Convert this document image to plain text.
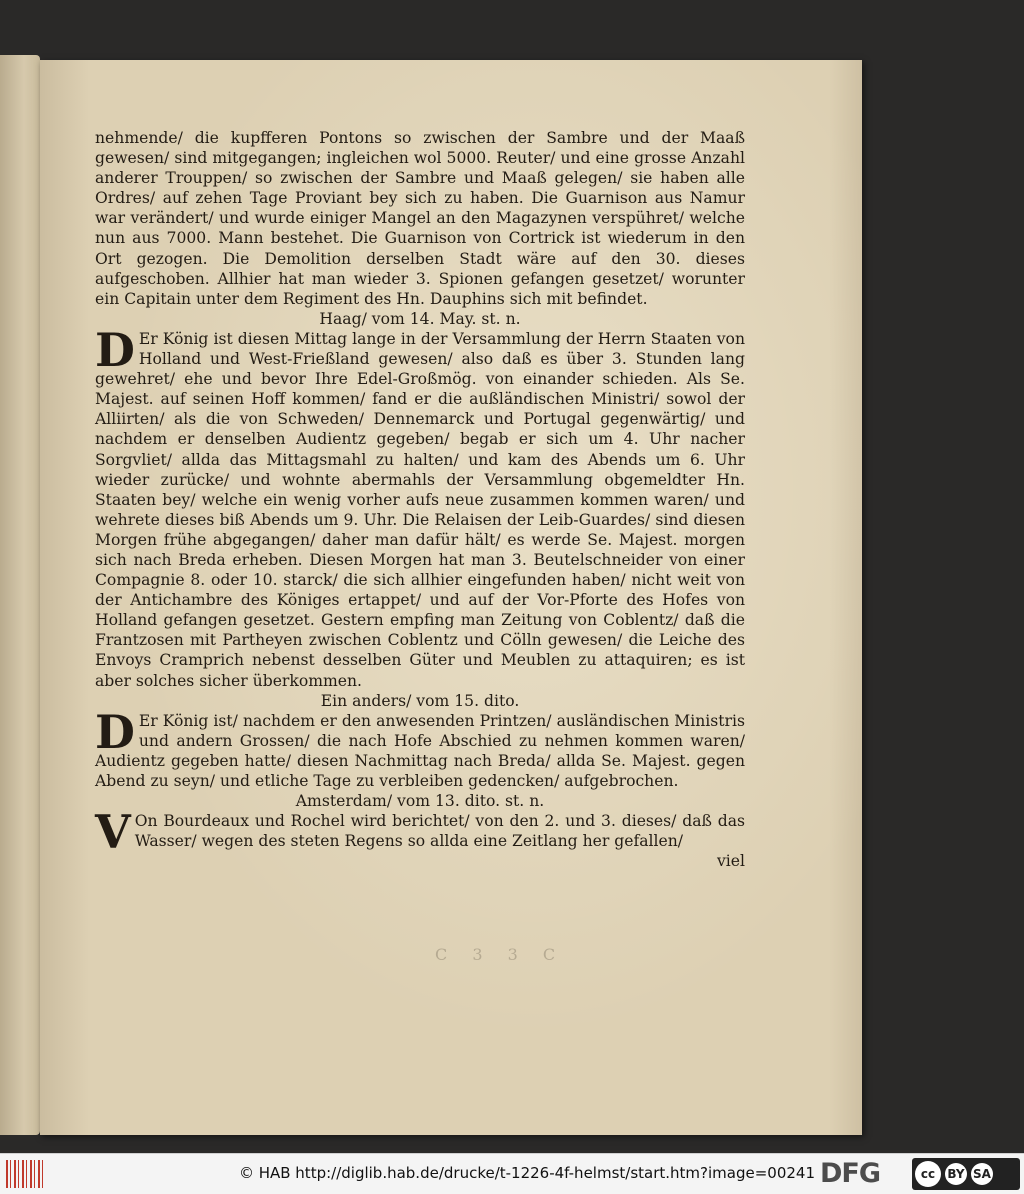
nehmende/ die kupfferen Pontons so zwischen der Sambre und der Maaß gewesen/ sind mitgegangen; ingleichen wol 5000. Reuter/ und eine grosse Anzahl anderer Trouppen/ so zwischen der Sambre und Maaß gelegen/ sie haben alle Ordres/ auf zehen Tage Proviant bey sich zu haben. Die Guarnison aus Namur war verändert/ und wurde einiger Mangel an den Magazynen verspühret/ welche nun aus 7000. Mann bestehet. Die Guarnison von Cortrick ist wiederum in den Ort gezogen. Die Demolition derselben Stadt wäre auf den 30. dieses aufgeschoben. Allhier hat man wieder 3. Spionen gefangen gesetzet/ worunter ein Capitain unter dem Regiment des Hn. Dauphins sich mit befindet.

Haag/ vom 14. May. st. n.

D Er König ist diesen Mittag lange in der Versammlung der Herrn Staaten von Holland und West-Frießland gewesen/ also daß es über 3. Stunden lang gewehret/ ehe und bevor Ihre Edel-Großmög. von einander schieden. Als Se. Majest. auf seinen Hoff kommen/ fand er die außländischen Ministri/ sowol der Alliirten/ als die von Schweden/ Dennemarck und Portugal gegenwärtig/ und nachdem er denselben Audientz gegeben/ begab er sich um 4. Uhr nacher Sorgvliet/ allda das Mittagsmahl zu halten/ und kam des Abends um 6. Uhr wieder zurücke/ und wohnte abermahls der Versammlung obgemeldter Hn. Staaten bey/ welche ein wenig vorher aufs neue zusammen kommen waren/ und wehrete dieses biß Abends um 9. Uhr. Die Relaisen der Leib-Guardes/ sind diesen Morgen frühe abgegangen/ daher man dafür hält/ es werde Se. Majest. morgen sich nach Breda erheben. Diesen Morgen hat man 3. Beutelschneider von einer Compagnie 8. oder 10. starck/ die sich allhier eingefunden haben/ nicht weit von der Antichambre des Königes ertappet/ und auf der Vor-Pforte des Hofes von Holland gefangen gesetzet. Gestern empfing man Zeitung von Coblentz/ daß die Frantzosen mit Partheyen zwischen Coblentz und Cölln gewesen/ die Leiche des Envoys Cramprich nebenst desselben Güter und Meublen zu attaquiren; es ist aber solches sicher überkommen.

Ein anders/ vom 15. dito.

D Er König ist/ nachdem er den anwesenden Printzen/ ausländischen Ministris und andern Grossen/ die nach Hofe Abschied zu nehmen kommen waren/ Audientz gegeben hatte/ diesen Nachmittag nach Breda/ allda Se. Majest. gegen Abend zu seyn/ und etliche Tage zu verbleiben gedencken/ aufgebrochen.

Amsterdam/ vom 13. dito. st. n.

V On Bourdeaux und Rochel wird berichtet/ von den 2. und 3. dieses/ daß das Wasser/ wegen des steten Regens so allda eine Zeitlang her gefallen/

viel

C 3 3 C
© HAB http://diglib.hab.de/drucke/t-1226-4f-helmst/start.htm?image=00241 DFG	cc	BY SA
